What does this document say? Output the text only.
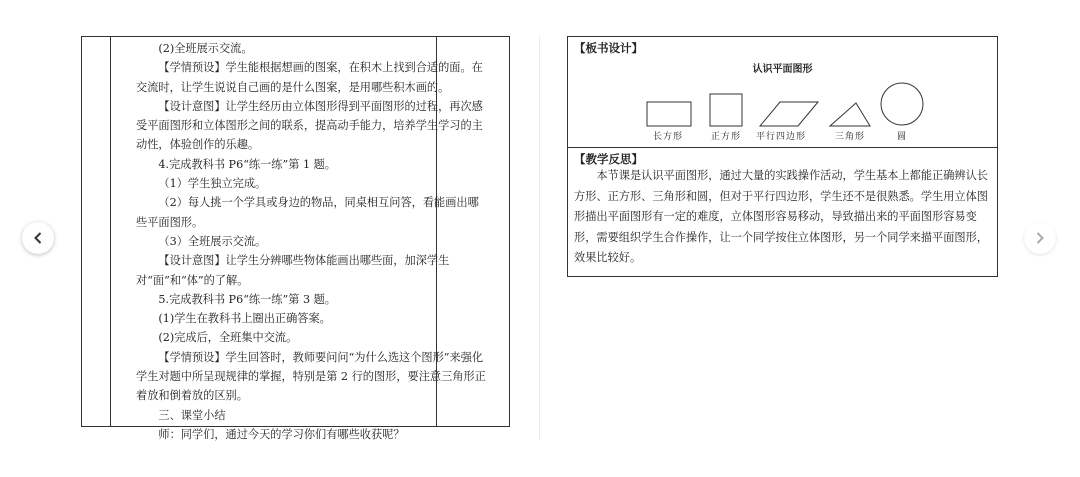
(2)全班展示交流。

【学情预设】学生能根据想画的图案，在积木上找到合适的面。在交流时，让学生说说自己画的是什么图案，是用哪些积木画的。

【设计意图】让学生经历由立体图形得到平面图形的过程，再次感受平面图形和立体图形之间的联系，提高动手能力，培养学生学习的主动性，体验创作的乐趣。

4.完成教科书 P6“练一练”第 1 题。

（1）学生独立完成。

（2）每人挑一个学具或身边的物品，同桌相互问答，看能画出哪些平面图形。

（3）全班展示交流。

【设计意图】让学生分辨哪些物体能画出哪些面，加深学生对“面”和“体”的了解。

5.完成教科书 P6“练一练”第 3 题。

(1)学生在教科书上圈出正确答案。

(2)完成后，全班集中交流。

【学情预设】学生回答时，教师要问问“为什么选这个图形”来强化学生对题中所呈现规律的掌握，特别是第 2 行的图形，要注意三角形正着放和倒着放的区别。

三、课堂小结

师：同学们，通过今天的学习你们有哪些收获呢？

【板书设计】
认识平面图形
长方形	正方形 平行四边形	三角形	圆
【教学反思】
本节课是认识平面图形，通过大量的实践操作活动，学生基本上都能正确辨认长方形、正方形、三角形和圆，但对于平行四边形，学生还不是很熟悉。学生用立体图形描出平面图形有一定的难度，立体图形容易移动，导致描出来的平面图形容易变形，需要组织学生合作操作，让一个同学按住立体图形，另一个同学来描平面图形，效果比较好。
